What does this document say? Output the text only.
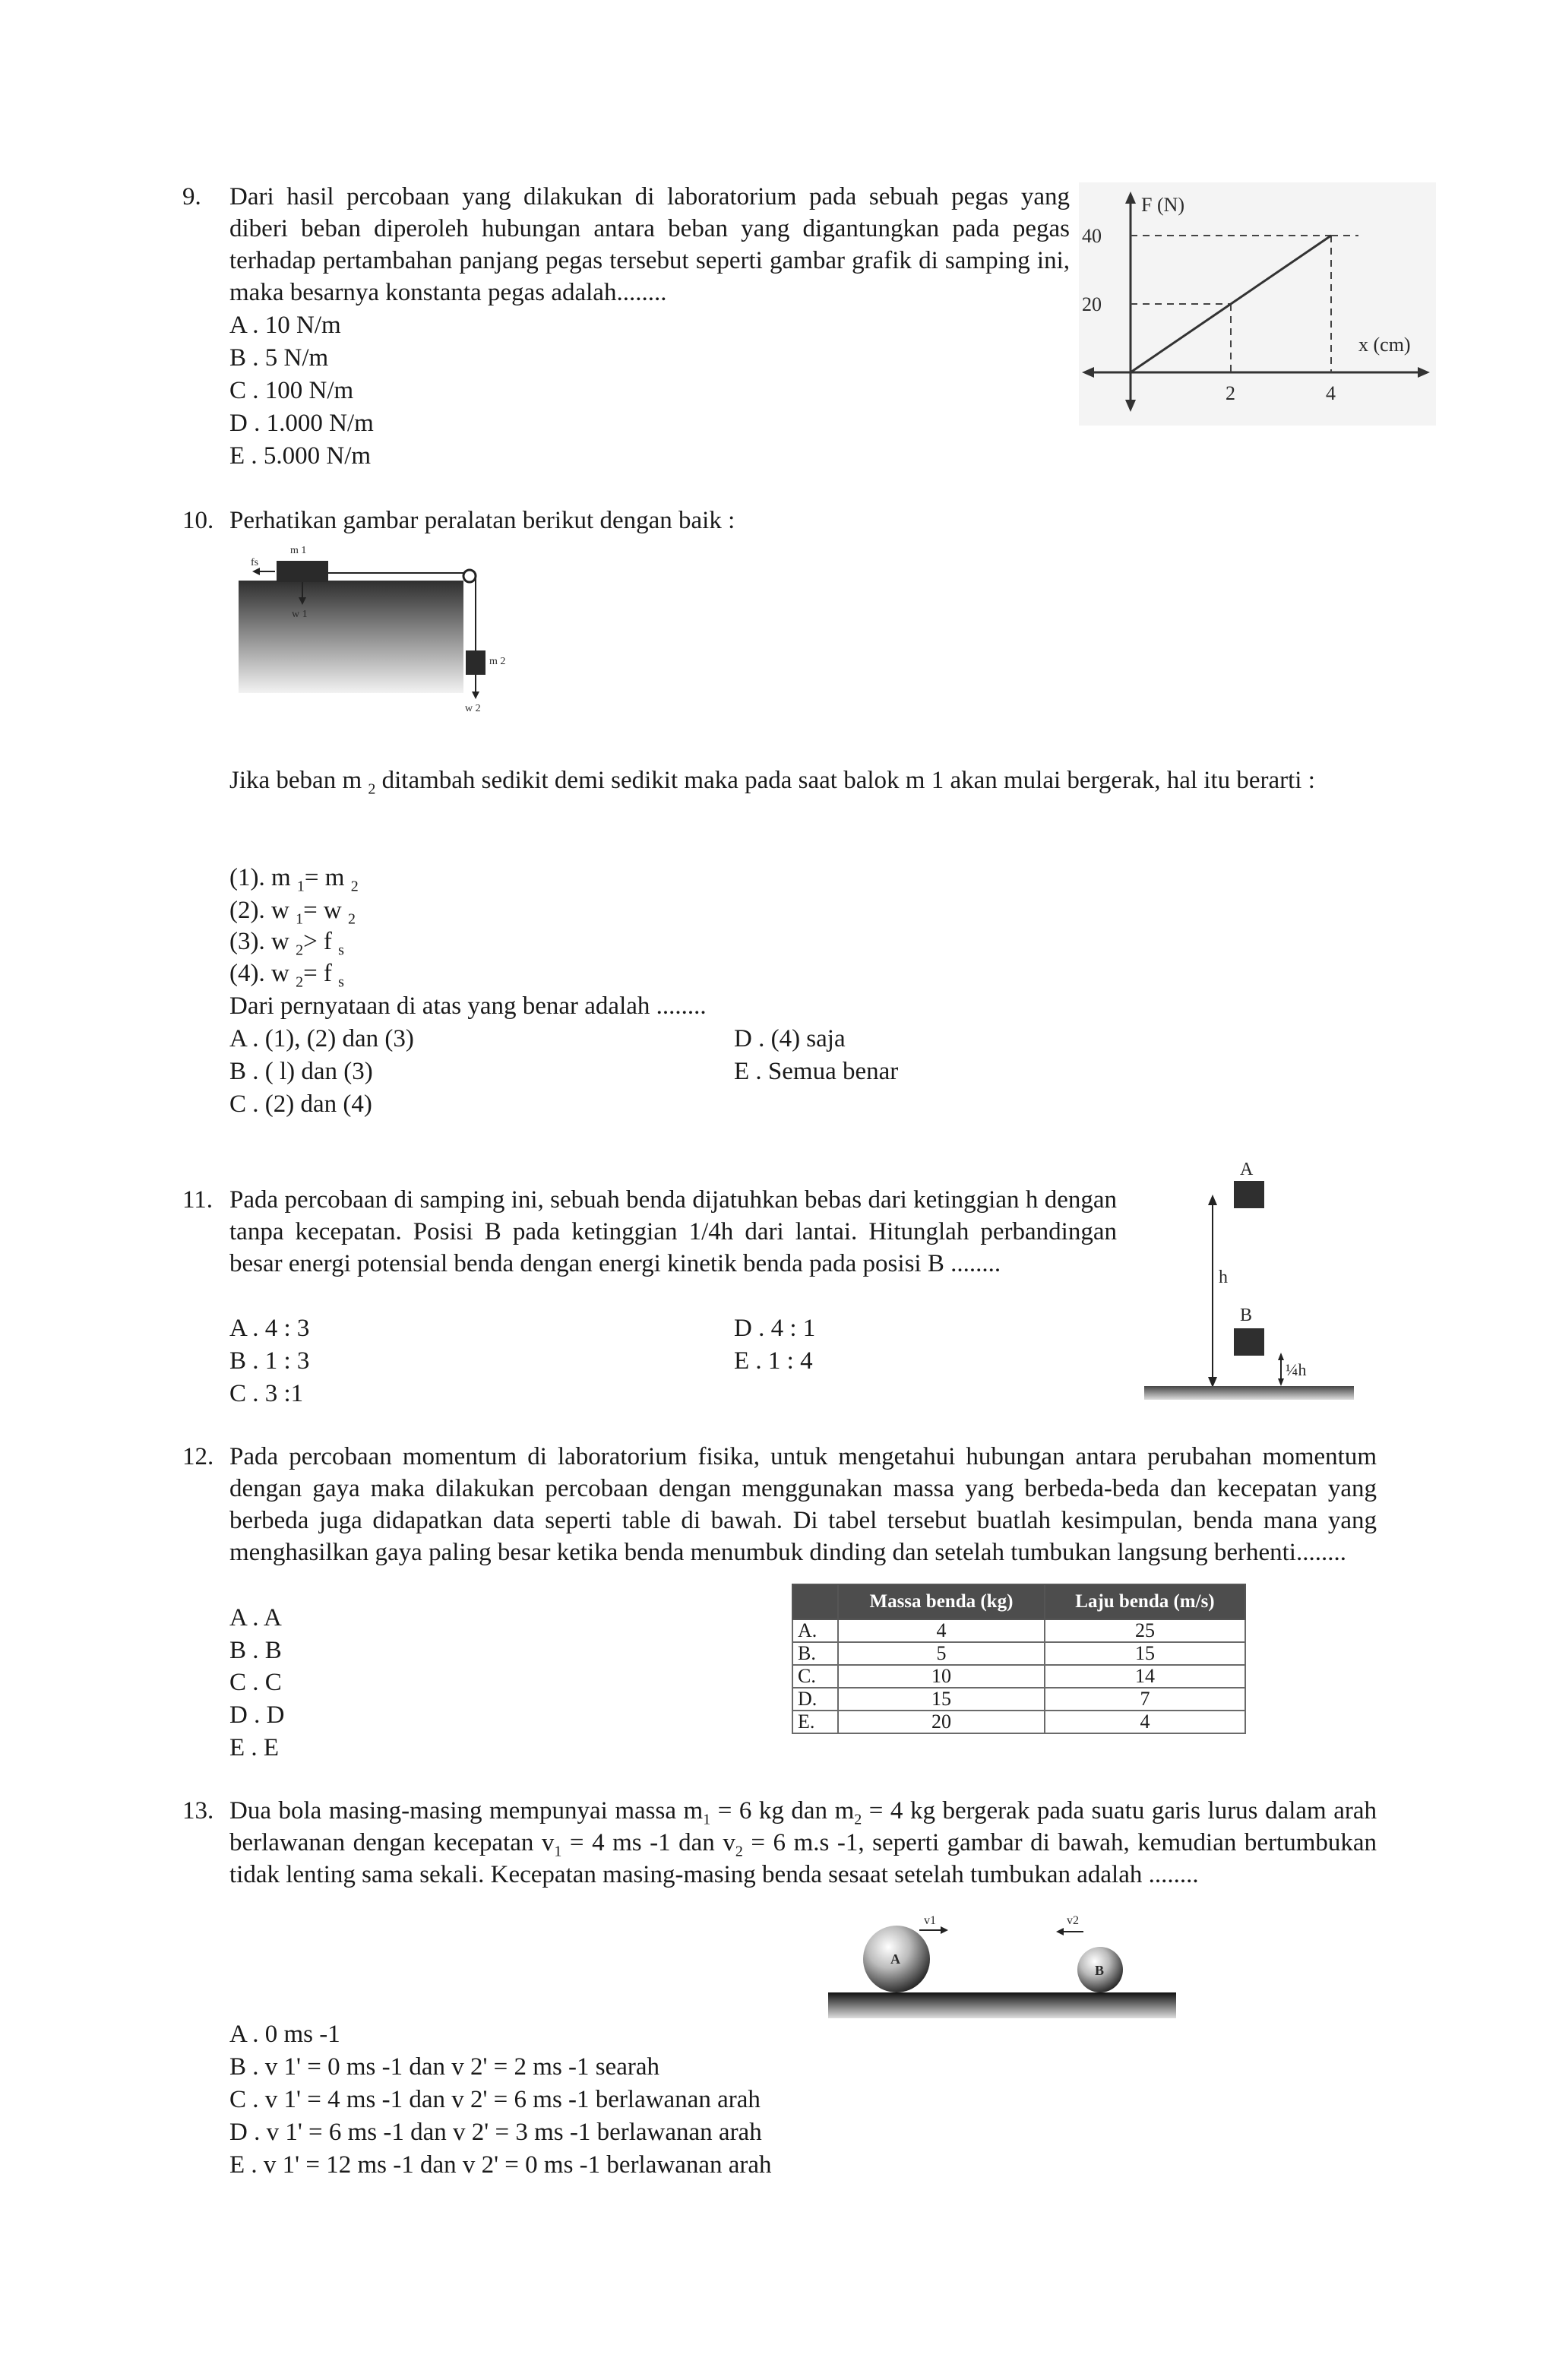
9. Dari hasil percobaan yang dilakukan di laboratorium pada sebuah pegas yang diberi beban diperoleh hubungan antara beban yang digantungkan pada pegas terhadap pertambahan panjang pegas tersebut seperti gambar grafik di samping ini, maka besarnya konstanta pegas adalah........
A . 10 N/m
B . 5 N/m
C . 100 N/m
D . 1.000 N/m
E . 5.000 N/m
2	4
20
40
F (N)
x (cm)
10. Perhatikan gambar peralatan berikut dengan baik :
m 1
fs
w 1
m 2
w 2
Jika beban m $_2$ ditambah sedikit demi sedikit maka pada saat balok m 1 akan mulai bergerak, hal itu berarti :
(1). m $_1$= m $_2$
(2). w $_1$= w $_2$
(3). w $_2$> f $_s$
(4). w $_2$= f $_s$
Dari pernyataan di atas yang benar adalah ........
A . (1), (2) dan (3)
B . ( l) dan (3)
C . (2) dan (4)
D . (4) saja
E . Semua benar
11. Pada percobaan di samping ini, sebuah benda dijatuhkan bebas dari ketinggian h dengan tanpa kecepatan. Posisi B pada ketinggian 1/4h dari lantai. Hitunglah perbandingan besar energi potensial benda dengan energi kinetik benda pada posisi B ........
A . 4 : 3
B . 1 : 3
C . 3 :1
D . 4 : 1
E . 1 : 4
A
B
h
¼h
12. Pada percobaan momentum di laboratorium fisika, untuk mengetahui hubungan antara perubahan momentum dengan gaya maka dilakukan percobaan dengan menggunakan massa yang berbeda-beda dan kecepatan yang berbeda juga didapatkan data seperti table di bawah. Di tabel tersebut buatlah kesimpulan, benda mana yang menghasilkan gaya paling besar ketika benda menumbuk dinding dan setelah tumbukan langsung berhenti........
A . A
B . B
C . C
D . D
E . E
	Massa benda (kg)	Laju benda (m/s)
A.	4	25
B.	5	15
C.	10	14
D.	15	7
E.	20	4
13. Dua bola masing-masing mempunyai massa $m_1 = 6$ kg dan $m_2 = 4$ kg bergerak pada suatu garis lurus dalam arah berlawanan dengan kecepatan $v_1 = 4$ ms -1 dan $v_2 = 6$ m.s -1, seperti gambar di bawah, kemudian bertumbukan tidak lenting sama sekali. Kecepatan masing-masing benda sesaat setelah tumbukan adalah ........
A
v1
B
v2
A . 0 ms -1
B . v 1' = 0 ms -1 dan v 2' = 2 ms -1 searah
C . v 1' = 4 ms -1 dan v 2' = 6 ms -1 berlawanan arah
D . v 1' = 6 ms -1 dan v 2' = 3 ms -1 berlawanan arah
E . v 1' = 12 ms -1 dan v 2' = 0 ms -1 berlawanan arah
